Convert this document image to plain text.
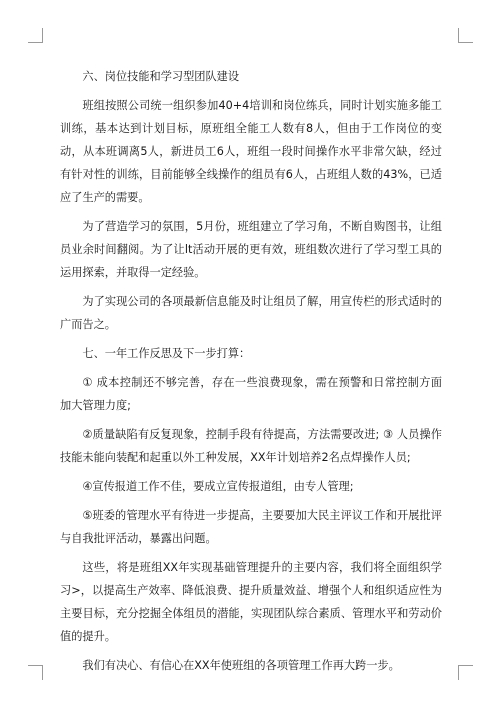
六、岗位技能和学习型团队建设

班组按照公司统一组织参加40+4培训和岗位练兵，同时计划实施多能工训练，基本达到计划目标，原班组全能工人数有8人，但由于工作岗位的变动，从本班调离5人，新进员工6人，班组一段时间操作水平非常欠缺，经过有针对性的训练，目前能够全线操作的组员有6人，占班组人数的43%，已适应了生产的需要。

为了营造学习的氛围，5月份，班组建立了学习角，不断自购图书，让组员业余时间翻阅。为了让lt活动开展的更有效，班组数次进行了学习型工具的运用探索，并取得一定经验。

为了实现公司的各项最新信息能及时让组员了解，用宣传栏的形式适时的广而告之。

七、一年工作反思及下一步打算：

① 成本控制还不够完善，存在一些浪费现象，需在预警和日常控制方面加大管理力度;

②质量缺陷有反复现象，控制手段有待提高，方法需要改进; ③ 人员操作技能未能向装配和起重以外工种发展，XX年计划培养2名点焊操作人员;

④宣传报道工作不佳，要成立宣传报道组，由专人管理;

⑤班委的管理水平有待进一步提高，主要要加大民主评议工作和开展批评与自我批评活动，暴露出问题。

这些，将是班组XX年实现基础管理提升的主要内容，我们将全面组织学习>，以提高生产效率、降低浪费、提升质量效益、增强个人和组织适应性为主要目标，充分挖掘全体组员的潜能，实现团队综合素质、管理水平和劳动价值的提升。

我们有决心、有信心在XX年使班组的各项管理工作再大跨一步。
